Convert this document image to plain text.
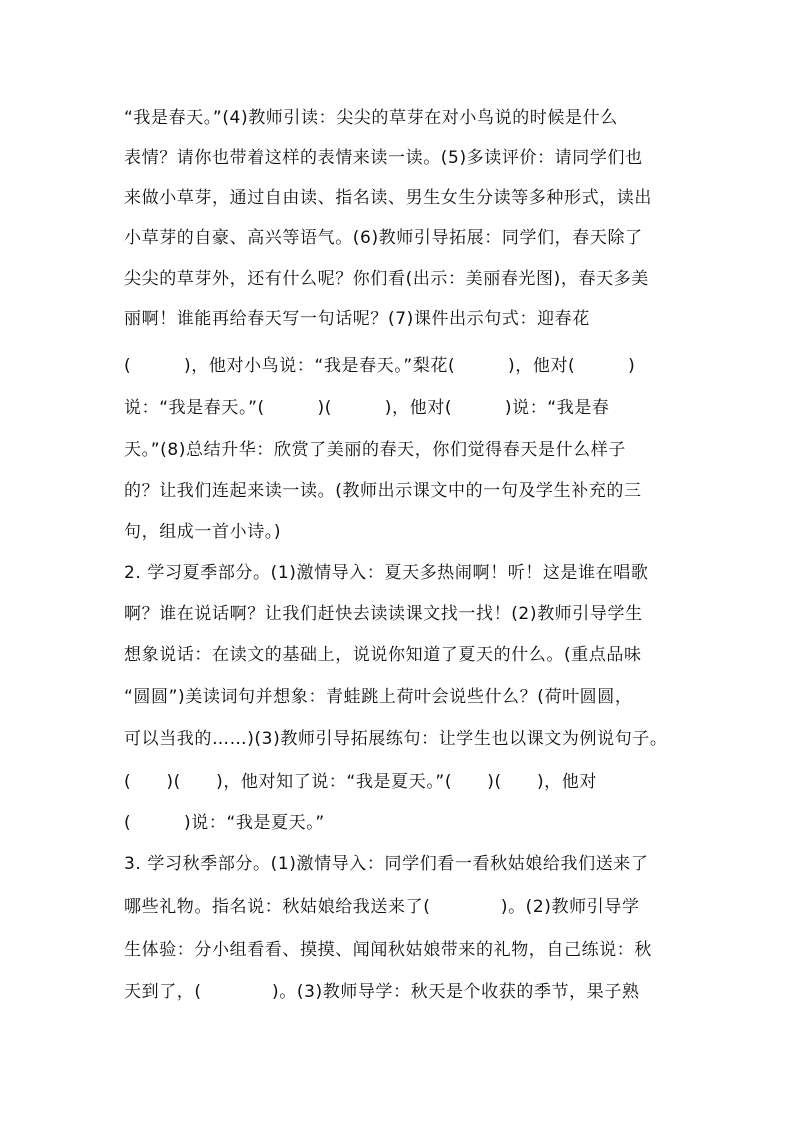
“我是春天。”(4)教师引读：尖尖的草芽在对小鸟说的时候是什么
表情？请你也带着这样的表情来读一读。(5)多读评价：请同学们也
来做小草芽，通过自由读、指名读、男生女生分读等多种形式，读出
小草芽的自豪、高兴等语气。(6)教师引导拓展：同学们，春天除了
尖尖的草芽外，还有什么呢？你们看(出示：美丽春光图)，春天多美
丽啊！谁能再给春天写一句话呢？(7)课件出示句式：迎春花
(　　　)，他对小鸟说：“我是春天。”梨花(　　　)，他对(　　　)
说：“我是春天。”(　　　)(　　　)，他对(　　　)说：“我是春
天。”(8)总结升华：欣赏了美丽的春天，你们觉得春天是什么样子
的？让我们连起来读一读。(教师出示课文中的一句及学生补充的三
句，组成一首小诗。)
2. 学习夏季部分。(1)激情导入：夏天多热闹啊！听！这是谁在唱歌
啊？谁在说话啊？让我们赶快去读读课文找一找！(2)教师引导学生
想象说话：在读文的基础上，说说你知道了夏天的什么。(重点品味
“圆圆”)美读词句并想象：青蛙跳上荷叶会说些什么？(荷叶圆圆，
可以当我的……)(3)教师引导拓展练句：让学生也以课文为例说句子。
(　　)(　　)，他对知了说：“我是夏天。”(　　)(　　)，他对
(　　　)说：“我是夏天。”
3. 学习秋季部分。(1)激情导入：同学们看一看秋姑娘给我们送来了
哪些礼物。指名说：秋姑娘给我送来了(　　　　)。(2)教师引导学
生体验：分小组看看、摸摸、闻闻秋姑娘带来的礼物，自己练说：秋
天到了，(　　　　)。(3)教师导学：秋天是个收获的季节，果子熟
